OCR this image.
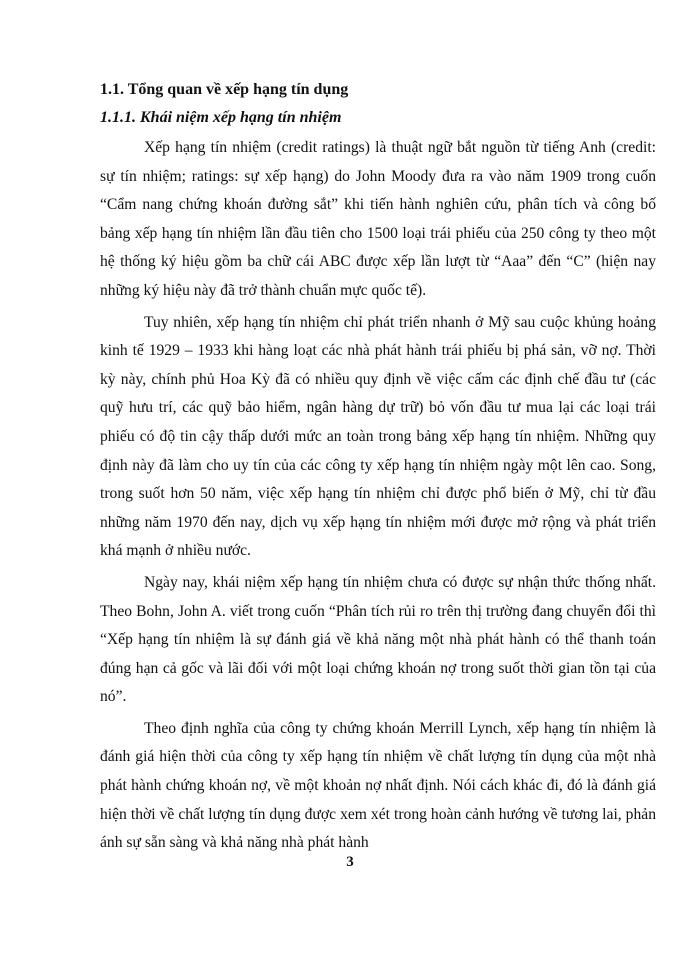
1.1. Tổng quan về xếp hạng tín dụng
1.1.1. Khái niệm xếp hạng tín nhiệm

Xếp hạng tín nhiệm (credit ratings) là thuật ngữ bắt nguồn từ tiếng Anh (credit: sự tín nhiệm; ratings: sự xếp hạng) do John Moody đưa ra vào năm 1909 trong cuốn “Cẩm nang chứng khoán đường sắt” khi tiến hành nghiên cứu, phân tích và công bố bảng xếp hạng tín nhiệm lần đầu tiên cho 1500 loại trái phiếu của 250 công ty theo một hệ thống ký hiệu gồm ba chữ cái ABC được xếp lần lượt từ “Aaa” đến “C” (hiện nay những ký hiệu này đã trở thành chuẩn mực quốc tế).

Tuy nhiên, xếp hạng tín nhiệm chỉ phát triển nhanh ở Mỹ sau cuộc khủng hoảng kinh tế 1929 – 1933 khi hàng loạt các nhà phát hành trái phiếu bị phá sản, vỡ nợ. Thời kỳ này, chính phủ Hoa Kỳ đã có nhiều quy định về việc cấm các định chế đầu tư (các quỹ hưu trí, các quỹ bảo hiểm, ngân hàng dự trữ) bỏ vốn đầu tư mua lại các loại trái phiếu có độ tin cậy thấp dưới mức an toàn trong bảng xếp hạng tín nhiệm. Những quy định này đã làm cho uy tín của các công ty xếp hạng tín nhiệm ngày một lên cao. Song, trong suốt hơn 50 năm, việc xếp hạng tín nhiệm chỉ được phổ biến ở Mỹ, chỉ từ đầu những năm 1970 đến nay, dịch vụ xếp hạng tín nhiệm mới được mở rộng và phát triển khá mạnh ở nhiều nước.

Ngày nay, khái niệm xếp hạng tín nhiệm chưa có được sự nhận thức thống nhất. Theo Bohn, John A. viết trong cuốn “Phân tích rủi ro trên thị trường đang chuyển đổi thì “Xếp hạng tín nhiệm là sự đánh giá về khả năng một nhà phát hành có thể thanh toán đúng hạn cả gốc và lãi đối với một loại chứng khoán nợ trong suốt thời gian tồn tại của nó”.

Theo định nghĩa của công ty chứng khoán Merrill Lynch, xếp hạng tín nhiệm là đánh giá hiện thời của công ty xếp hạng tín nhiệm về chất lượng tín dụng của một nhà phát hành chứng khoán nợ, về một khoản nợ nhất định. Nói cách khác đi, đó là đánh giá hiện thời về chất lượng tín dụng được xem xét trong hoàn cảnh hướng về tương lai, phản ánh sự sẵn sàng và khả năng nhà phát hành

3
